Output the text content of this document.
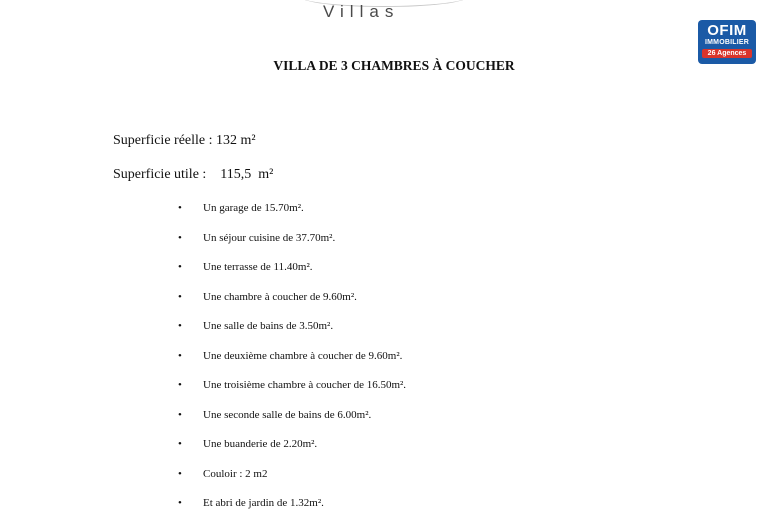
Villas
OFIM
IMMOBILIER
26 Agences
VILLA DE 3 CHAMBRES À COUCHER
Superficie réelle : 132 m²
Superficie utile :    115,5  m²
• Un garage de 15.70m².
• Un séjour cuisine de 37.70m².
• Une terrasse de 11.40m².
• Une chambre à coucher de 9.60m².
• Une salle de bains de 3.50m².
• Une deuxième chambre à coucher de 9.60m².
• Une troisième chambre à coucher de 16.50m².
• Une seconde salle de bains de 6.00m².
• Une buanderie de 2.20m².
• Couloir : 2 m2
• Et abri de jardin de 1.32m².
